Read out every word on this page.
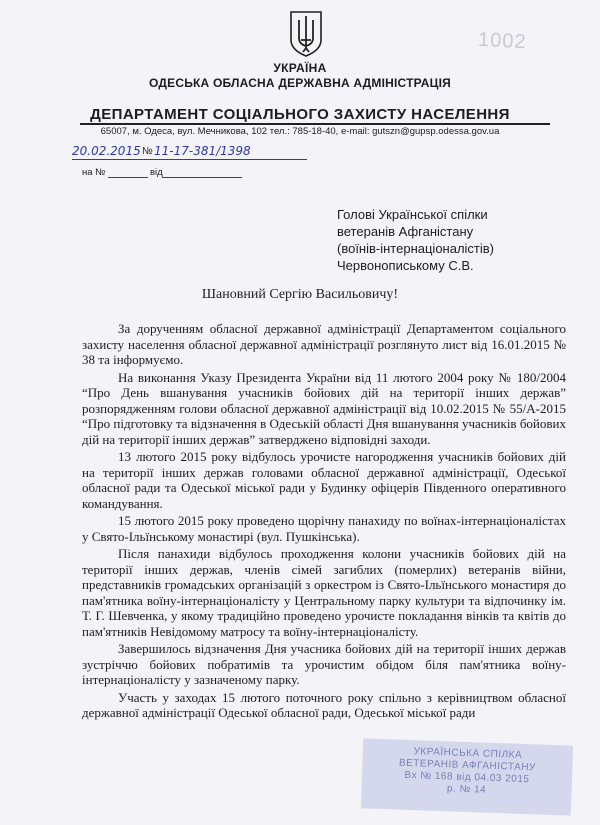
1002
УКРАЇНА
ОДЕСЬКА ОБЛАСНА ДЕРЖАВНА АДМІНІСТРАЦІЯ
ДЕПАРТАМЕНТ СОЦІАЛЬНОГО ЗАХИСТУ НАСЕЛЕННЯ
65007, м. Одеса, вул. Мечникова, 102 тел.: 785-18-40, e-mail: gutszn@gupsp.odessa.gov.ua
20.02.2015 № 11-17-381/1398
на №	від
Голові Української спілки
ветеранів Афганістану
(воїнів-інтернаціоналістів)
Червонопиському С.В.
Шановний Сергію Васильовичу!

За дорученням обласної державної адміністрації Департаментом соціального захисту населення обласної державної адміністрації розглянуто лист від 16.01.2015 № 38 та інформуємо.

На виконання Указу Президента України від 11 лютого 2004 року № 180/2004 “Про День вшанування учасників бойових дій на території інших держав” розпорядженням голови обласної державної адміністрації від 10.02.2015 № 55/А-2015 “Про підготовку та відзначення в Одеській області Дня вшанування учасників бойових дій на території інших держав” затверджено відповідні заходи.

13 лютого 2015 року відбулось урочисте нагородження учасників бойових дій на території інших держав головами обласної державної адміністрації, Одеської обласної ради та Одеської міської ради у Будинку офіцерів Південного оперативного командування.

15 лютого 2015 року проведено щорічну панахиду по воїнах-інтернаціоналістах у Свято-Ільїнському монастирі (вул. Пушкінська).

Після панахиди відбулось проходження колони учасників бойових дій на території інших держав, членів сімей загиблих (померлих) ветеранів війни, представників громадських організацій з оркестром із Свято-Ільїнського монастиря до пам'ятника воїну-інтернаціоналісту у Центральному парку культури та відпочинку ім. Т. Г. Шевченка, у якому традиційно проведено урочисте покладання вінків та квітів до пам'ятників Невідомому матросу та воїну-інтернаціоналісту.

Завершилось відзначення Дня учасника бойових дій на території інших держав зустріччю бойових побратимів та урочистим обідом біля пам'ятника воїну-інтернаціоналісту у зазначеному парку.

Участь у заходах 15 лютого поточного року спільно з керівництвом обласної державної адміністрації Одеської обласної ради, Одеської міської ради

УКРАЇНСЬКА СПІЛКА
ВЕТЕРАНІВ АФГАНІСТАНУ
Вх № 168 від 04.03 2015
р. № 14
